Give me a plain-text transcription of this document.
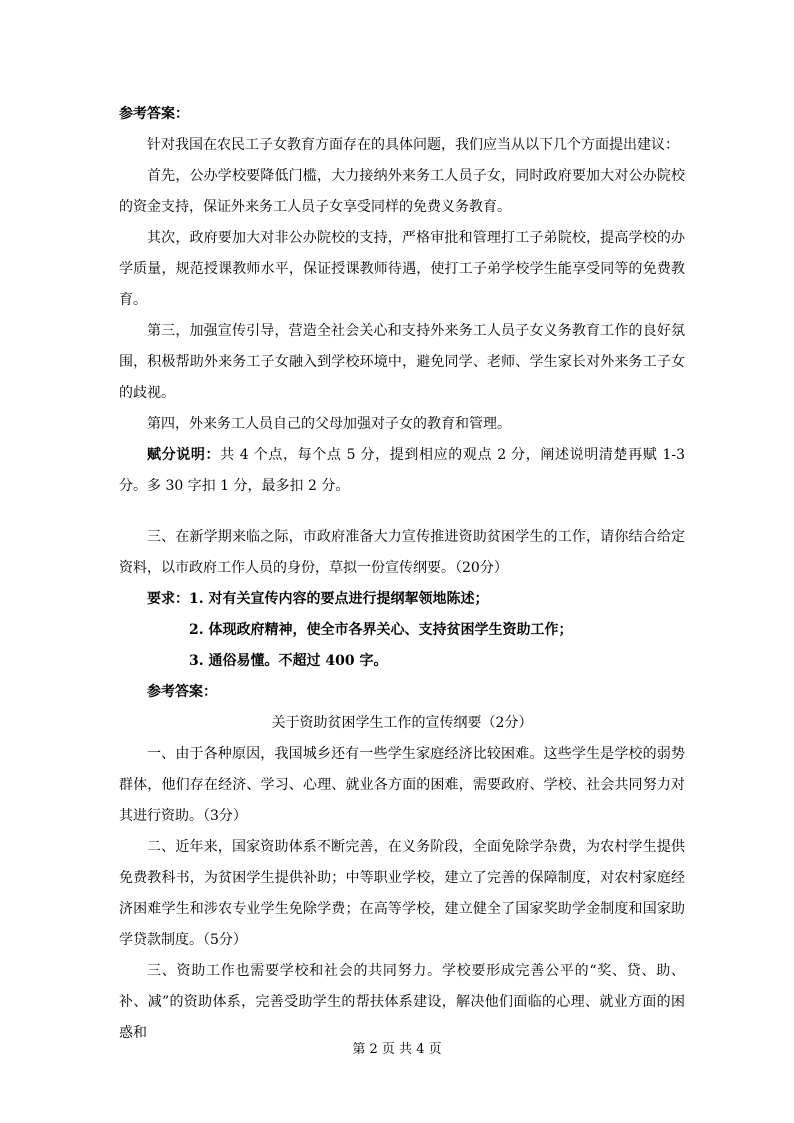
参考答案：

针对我国在农民工子女教育方面存在的具体问题，我们应当从以下几个方面提出建议：

首先，公办学校要降低门槛，大力接纳外来务工人员子女，同时政府要加大对公办院校的资金支持，保证外来务工人员子女享受同样的免费义务教育。

其次，政府要加大对非公办院校的支持，严格审批和管理打工子弟院校，提高学校的办学质量，规范授课教师水平，保证授课教师待遇，使打工子弟学校学生能享受同等的免费教育。

第三，加强宣传引导，营造全社会关心和支持外来务工人员子女义务教育工作的良好氛围，积极帮助外来务工子女融入到学校环境中，避免同学、老师、学生家长对外来务工子女的歧视。

第四，外来务工人员自己的父母加强对子女的教育和管理。

赋分说明：共 4 个点，每个点 5 分，提到相应的观点 2 分，阐述说明清楚再赋 1-3 分。多 30 字扣 1 分，最多扣 2 分。

三、在新学期来临之际，市政府准备大力宣传推进资助贫困学生的工作，请你结合给定资料，以市政府工作人员的身份，草拟一份宣传纲要。（20分）

要求：1. 对有关宣传内容的要点进行提纲挈领地陈述；
2. 体现政府精神，使全市各界关心、支持贫困学生资助工作；
3. 通俗易懂。不超过 400 字。
参考答案：
关于资助贫困学生工作的宣传纲要（2分）

一、由于各种原因，我国城乡还有一些学生家庭经济比较困难。这些学生是学校的弱势群体，他们存在经济、学习、心理、就业各方面的困难，需要政府、学校、社会共同努力对其进行资助。（3分）

二、近年来，国家资助体系不断完善，在义务阶段，全面免除学杂费，为农村学生提供免费教科书，为贫困学生提供补助；中等职业学校，建立了完善的保障制度，对农村家庭经济困难学生和涉农专业学生免除学费；在高等学校，建立健全了国家奖助学金制度和国家助学贷款制度。（5分）

三、资助工作也需要学校和社会的共同努力。学校要形成完善公平的“奖、贷、助、补、减”的资助体系，完善受助学生的帮扶体系建设，解决他们面临的心理、就业方面的困惑和

第 2 页 共 4 页
